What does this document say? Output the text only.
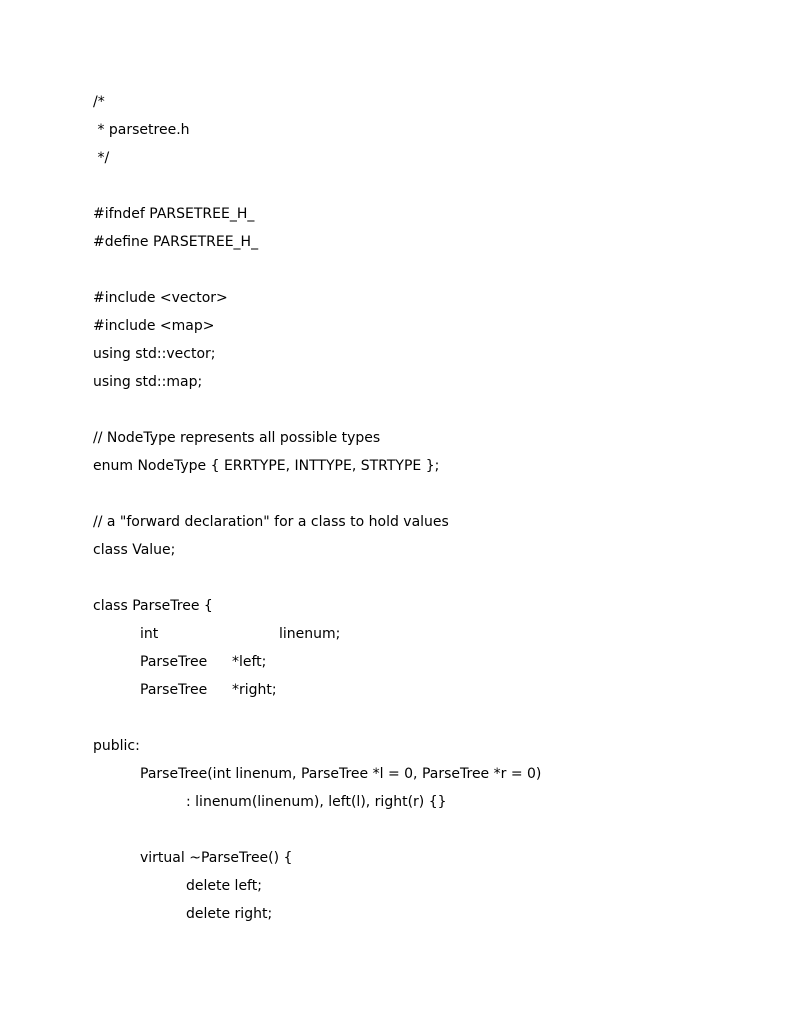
/*
* parsetree.h
*/
#ifndef PARSETREE_H_
#define PARSETREE_H_
#include <vector>
#include <map>
using std::vector;
using std::map;
// NodeType represents all possible types
enum NodeType { ERRTYPE, INTTYPE, STRTYPE };
// a "forward declaration" for a class to hold values
class Value;
class ParseTree {

int

	linenum;

ParseTree

*left;

ParseTree

*right;

public:
ParseTree(int linenum, ParseTree *l = 0, ParseTree *r = 0)
: linenum(linenum), left(l), right(r) {}
virtual ~ParseTree() {
delete left;
delete right;
